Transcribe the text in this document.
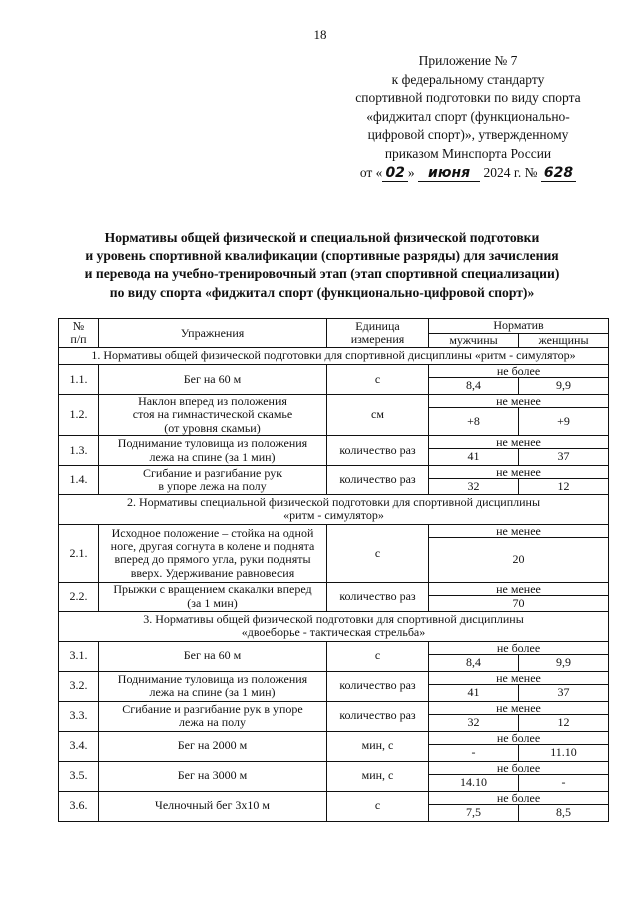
18
Приложение № 7
к федеральному стандарту
спортивной подготовки по виду спорта
«фиджитал спорт (функционально-
цифровой спорт)», утвержденному
приказом Минспорта России
от « 02 » июня 2024 г. № 628
Нормативы общей физической и специальной физической подготовки
и уровень спортивной квалификации (спортивные разряды) для зачисления
и перевода на учебно-тренировочный этап (этап спортивной специализации)
по виду спорта «фиджитал спорт (функционально-цифровой спорт)»
№
п/п	Упражнения	Единица
измерения	Норматив	
			мужчины	женщины
1. Нормативы общей физической подготовки для спортивной дисциплины «ритм - симулятор»				
1.1.	Бег на 60 м	с	не более	
			8,4	9,9
1.2.	Наклон вперед из положения
стоя на гимнастической скамье
(от уровня скамьи)	см	не менее	
			+8	+9
1.3.	Поднимание туловища из положения
лежа на спине (за 1 мин)	количество раз	не менее	
			41	37
1.4.	Сгибание и разгибание рук
в упоре лежа на полу	количество раз	не менее	
			32	12
2. Нормативы специальной физической подготовки для спортивной дисциплины
«ритм - симулятор»				
2.1.	Исходное положение – стойка на одной
ноге, другая согнута в колене и поднята
вперед до прямого угла, руки подняты
вверх. Удерживание равновесия	с	не менее	
			20	
2.2.	Прыжки с вращением скакалки вперед
(за 1 мин)	количество раз	не менее	
			70	
3. Нормативы общей физической подготовки для спортивной дисциплины
«двоеборье - тактическая стрельба»				
3.1.	Бег на 60 м	с	не более	
			8,4	9,9
3.2.	Поднимание туловища из положения
лежа на спине (за 1 мин)	количество раз	не менее	
			41	37
3.3.	Сгибание и разгибание рук в упоре
лежа на полу	количество раз	не менее	
			32	12
3.4.	Бег на 2000 м	мин, с	не более	
			-	11.10
3.5.	Бег на 3000 м	мин, с	не более	
			14.10	-
3.6.	Челночный бег 3х10 м	с	не более	
			7,5	8,5
